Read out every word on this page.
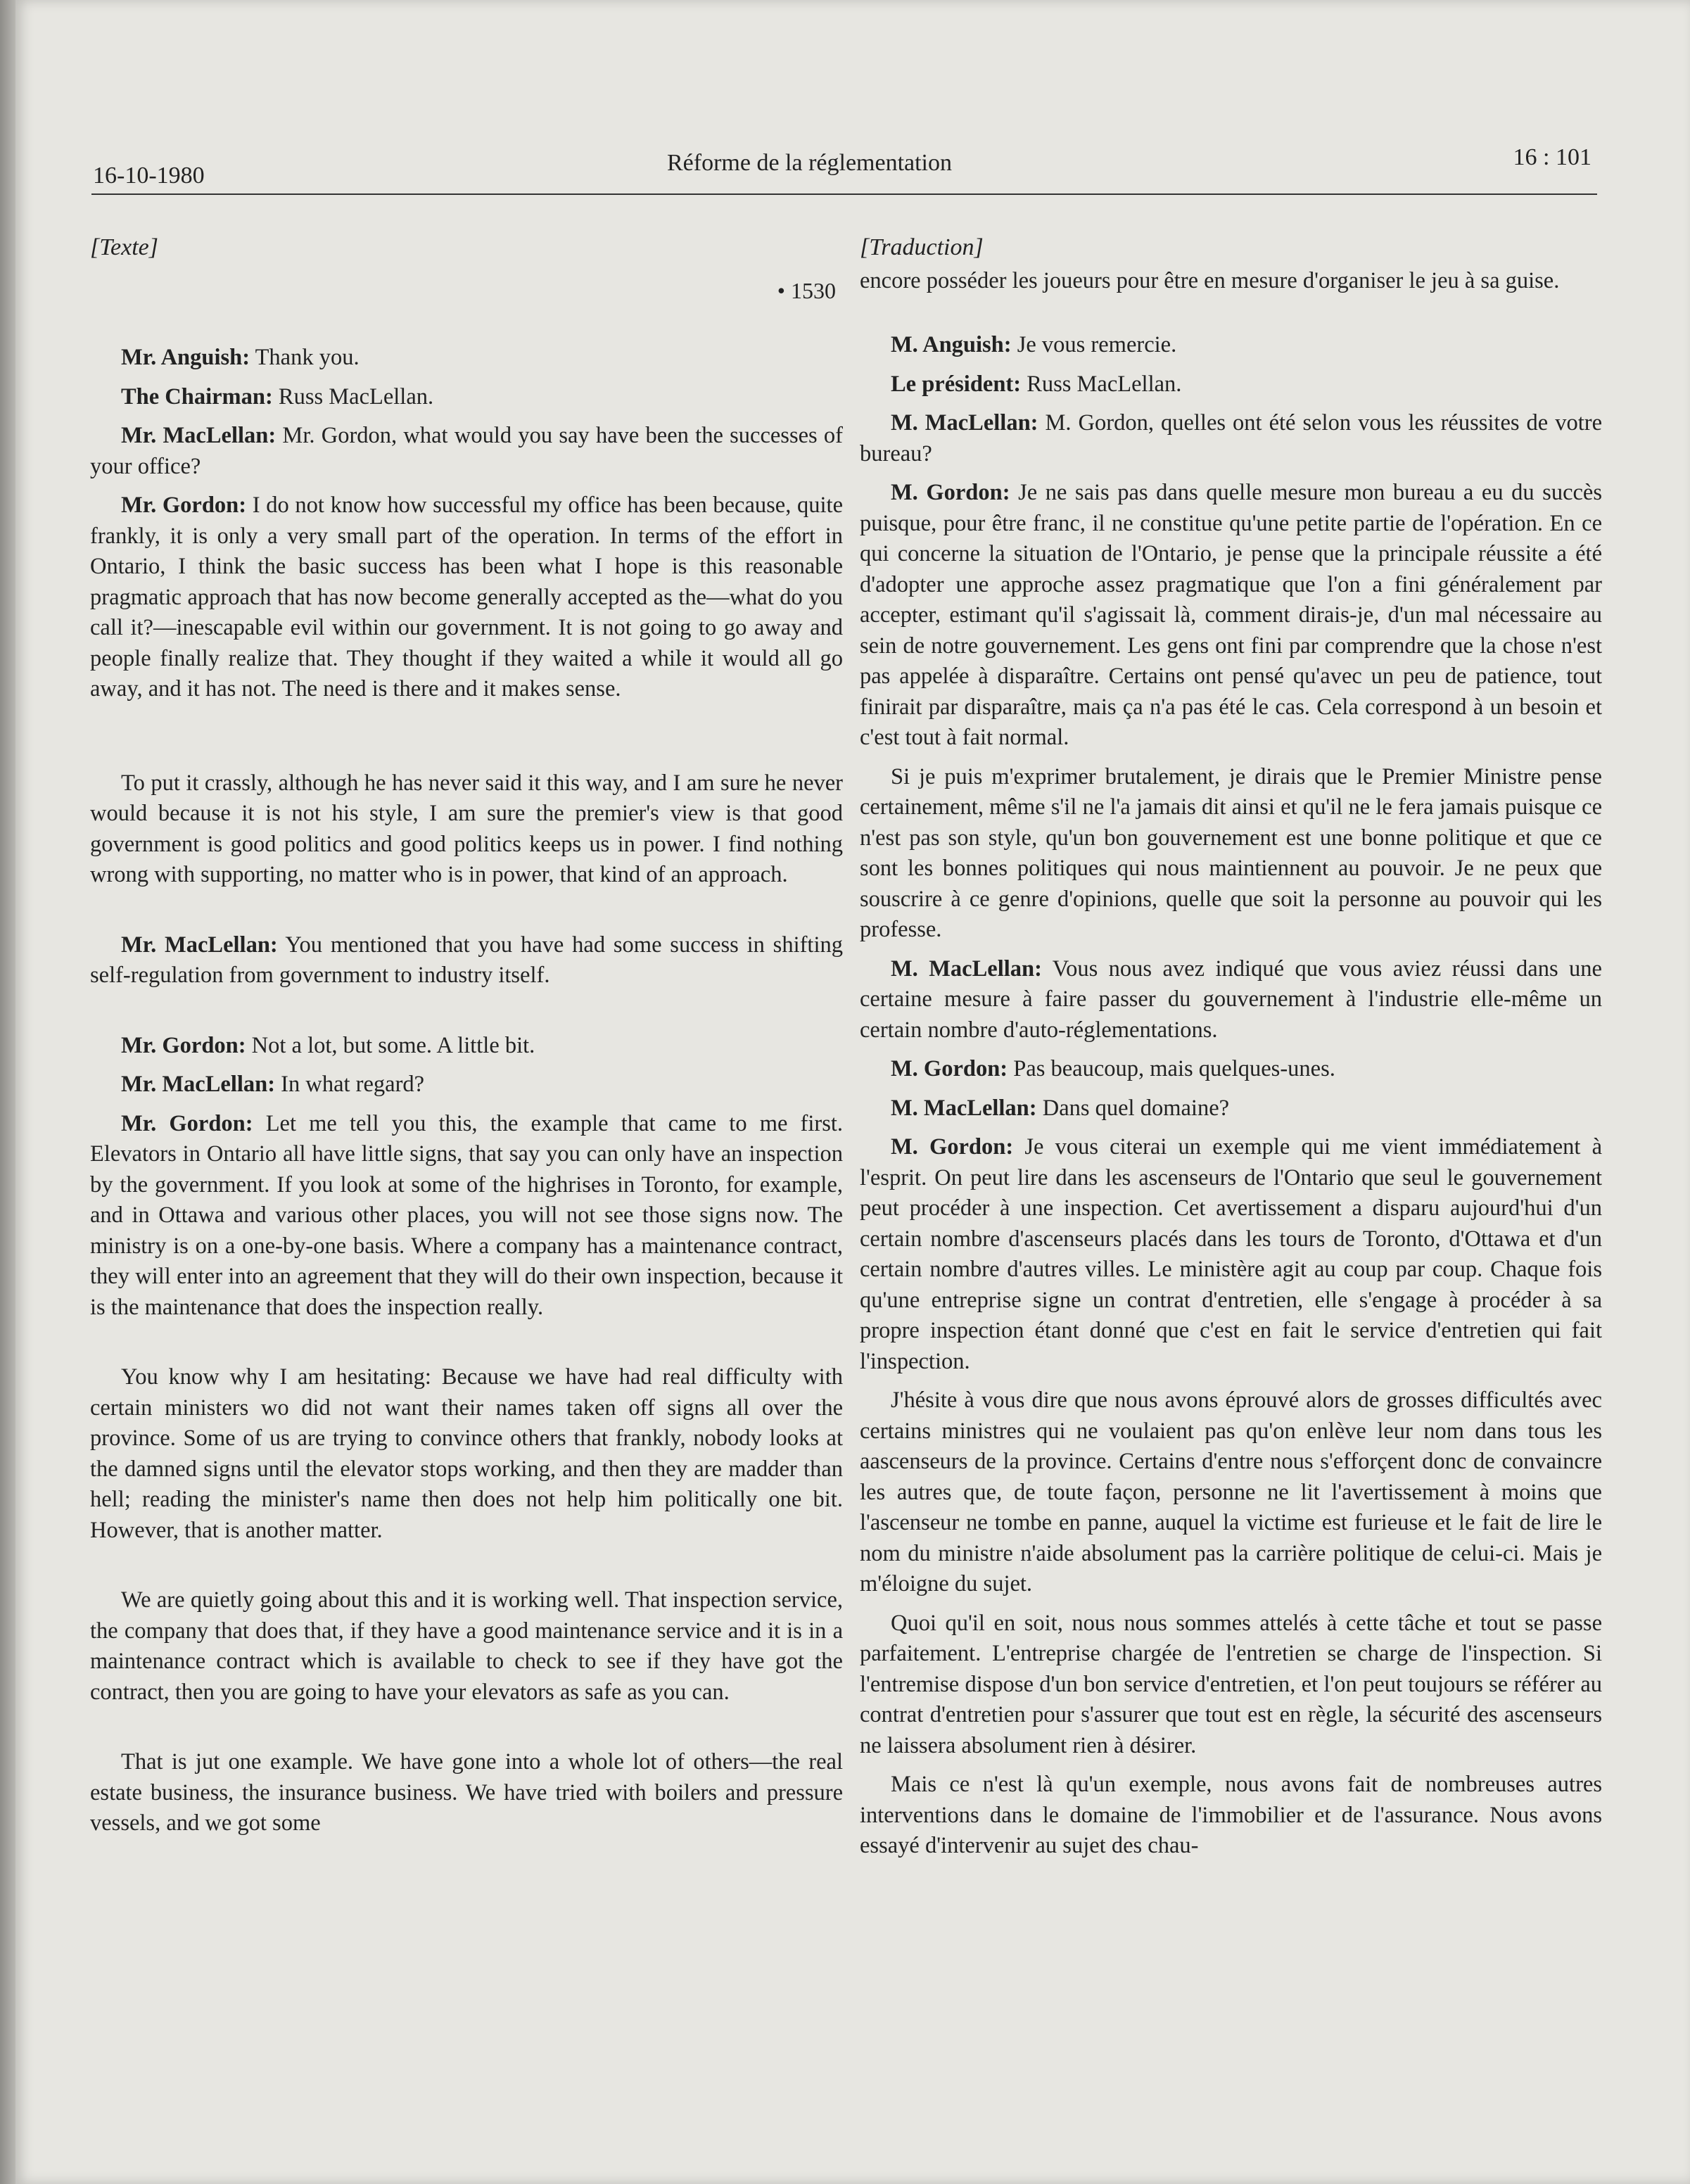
16-10-1980	Réforme de la réglementation	16 : 101
[Texte]
• 1530

Mr. Anguish: Thank you.

The Chairman: Russ MacLellan.

Mr. MacLellan: Mr. Gordon, what would you say have been the successes of your office?

Mr. Gordon: I do not know how successful my office has been because, quite frankly, it is only a very small part of the operation. In terms of the effort in Ontario, I think the basic success has been what I hope is this reasonable pragmatic approach that has now become generally accepted as the—what do you call it?—inescapable evil within our government. It is not going to go away and people finally realize that. They thought if they waited a while it would all go away, and it has not. The need is there and it makes sense.

To put it crassly, although he has never said it this way, and I am sure he never would because it is not his style, I am sure the premier's view is that good government is good politics and good politics keeps us in power. I find nothing wrong with supporting, no matter who is in power, that kind of an approach.

Mr. MacLellan: You mentioned that you have had some success in shifting self-regulation from government to industry itself.

Mr. Gordon: Not a lot, but some. A little bit.

Mr. MacLellan: In what regard?

Mr. Gordon: Let me tell you this, the example that came to me first. Elevators in Ontario all have little signs, that say you can only have an inspection by the government. If you look at some of the highrises in Toronto, for example, and in Ottawa and various other places, you will not see those signs now. The ministry is on a one-by-one basis. Where a company has a maintenance contract, they will enter into an agreement that they will do their own inspection, because it is the maintenance that does the inspection really.

You know why I am hesitating: Because we have had real difficulty with certain ministers wo did not want their names taken off signs all over the province. Some of us are trying to convince others that frankly, nobody looks at the damned signs until the elevator stops working, and then they are madder than hell; reading the minister's name then does not help him politically one bit. However, that is another matter.

We are quietly going about this and it is working well. That inspection service, the company that does that, if they have a good maintenance service and it is in a maintenance contract which is available to check to see if they have got the contract, then you are going to have your elevators as safe as you can.

That is jut one example. We have gone into a whole lot of others—the real estate business, the insurance business. We have tried with boilers and pressure vessels, and we got some

[Traduction]

encore posséder les joueurs pour être en mesure d'organiser le jeu à sa guise.

M. Anguish: Je vous remercie.

Le président: Russ MacLellan.

M. MacLellan: M. Gordon, quelles ont été selon vous les réussites de votre bureau?

M. Gordon: Je ne sais pas dans quelle mesure mon bureau a eu du succès puisque, pour être franc, il ne constitue qu'une petite partie de l'opération. En ce qui concerne la situation de l'Ontario, je pense que la principale réussite a été d'adopter une approche assez pragmatique que l'on a fini généralement par accepter, estimant qu'il s'agissait là, comment dirais-je, d'un mal nécessaire au sein de notre gouvernement. Les gens ont fini par comprendre que la chose n'est pas appelée à disparaître. Certains ont pensé qu'avec un peu de patience, tout finirait par disparaître, mais ça n'a pas été le cas. Cela correspond à un besoin et c'est tout à fait normal.

Si je puis m'exprimer brutalement, je dirais que le Premier Ministre pense certainement, même s'il ne l'a jamais dit ainsi et qu'il ne le fera jamais puisque ce n'est pas son style, qu'un bon gouvernement est une bonne politique et que ce sont les bonnes politiques qui nous maintiennent au pouvoir. Je ne peux que souscrire à ce genre d'opinions, quelle que soit la personne au pouvoir qui les professe.

M. MacLellan: Vous nous avez indiqué que vous aviez réussi dans une certaine mesure à faire passer du gouvernement à l'industrie elle-même un certain nombre d'auto-réglementations.

M. Gordon: Pas beaucoup, mais quelques-unes.

M. MacLellan: Dans quel domaine?

M. Gordon: Je vous citerai un exemple qui me vient immédiatement à l'esprit. On peut lire dans les ascenseurs de l'Ontario que seul le gouvernement peut procéder à une inspection. Cet avertissement a disparu aujourd'hui d'un certain nombre d'ascenseurs placés dans les tours de Toronto, d'Ottawa et d'un certain nombre d'autres villes. Le ministère agit au coup par coup. Chaque fois qu'une entreprise signe un contrat d'entretien, elle s'engage à procéder à sa propre inspection étant donné que c'est en fait le service d'entretien qui fait l'inspection.

J'hésite à vous dire que nous avons éprouvé alors de grosses difficultés avec certains ministres qui ne voulaient pas qu'on enlève leur nom dans tous les aascenseurs de la province. Certains d'entre nous s'efforçent donc de convaincre les autres que, de toute façon, personne ne lit l'avertissement à moins que l'ascenseur ne tombe en panne, auquel la victime est furieuse et le fait de lire le nom du ministre n'aide absolument pas la carrière politique de celui-ci. Mais je m'éloigne du sujet.

Quoi qu'il en soit, nous nous sommes attelés à cette tâche et tout se passe parfaitement. L'entreprise chargée de l'entretien se charge de l'inspection. Si l'entremise dispose d'un bon service d'entretien, et l'on peut toujours se référer au contrat d'entretien pour s'assurer que tout est en règle, la sécurité des ascenseurs ne laissera absolument rien à désirer.

Mais ce n'est là qu'un exemple, nous avons fait de nombreuses autres interventions dans le domaine de l'immobilier et de l'assurance. Nous avons essayé d'intervenir au sujet des chau-
